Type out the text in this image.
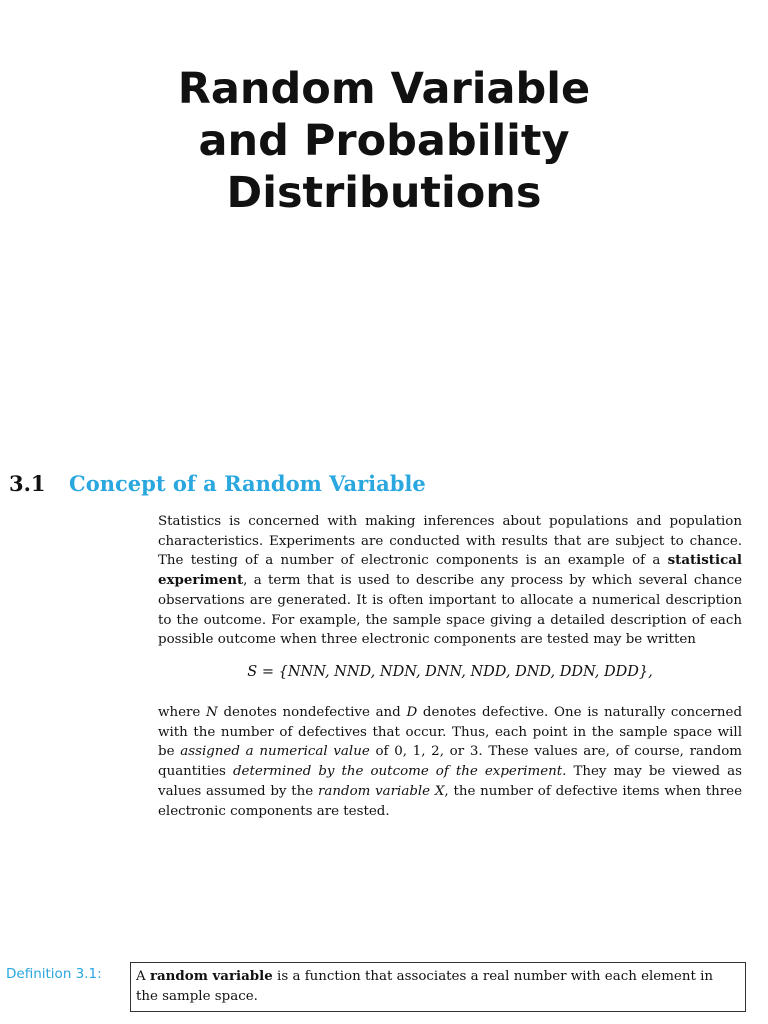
Random Variable
and Probability
Distributions
3.1 Concept of a Random Variable

Statistics is concerned with making inferences about populations and population characteristics. Experiments are conducted with results that are subject to chance. The testing of a number of electronic components is an example of a statistical experiment, a term that is used to describe any process by which several chance observations are generated. It is often important to allocate a numerical description to the outcome. For example, the sample space giving a detailed description of each possible outcome when three electronic components are tested may be written

S = {NNN, NND, NDN, DNN, NDD, DND, DDN, DDD},

where N denotes nondefective and D denotes defective. One is naturally concerned with the number of defectives that occur. Thus, each point in the sample space will be assigned a numerical value of 0, 1, 2, or 3. These values are, of course, random quantities determined by the outcome of the experiment. They may be viewed as values assumed by the random variable X, the number of defective items when three electronic components are tested.

Definition 3.1:	A random variable is a function that associates a real number with each element in the sample space.
